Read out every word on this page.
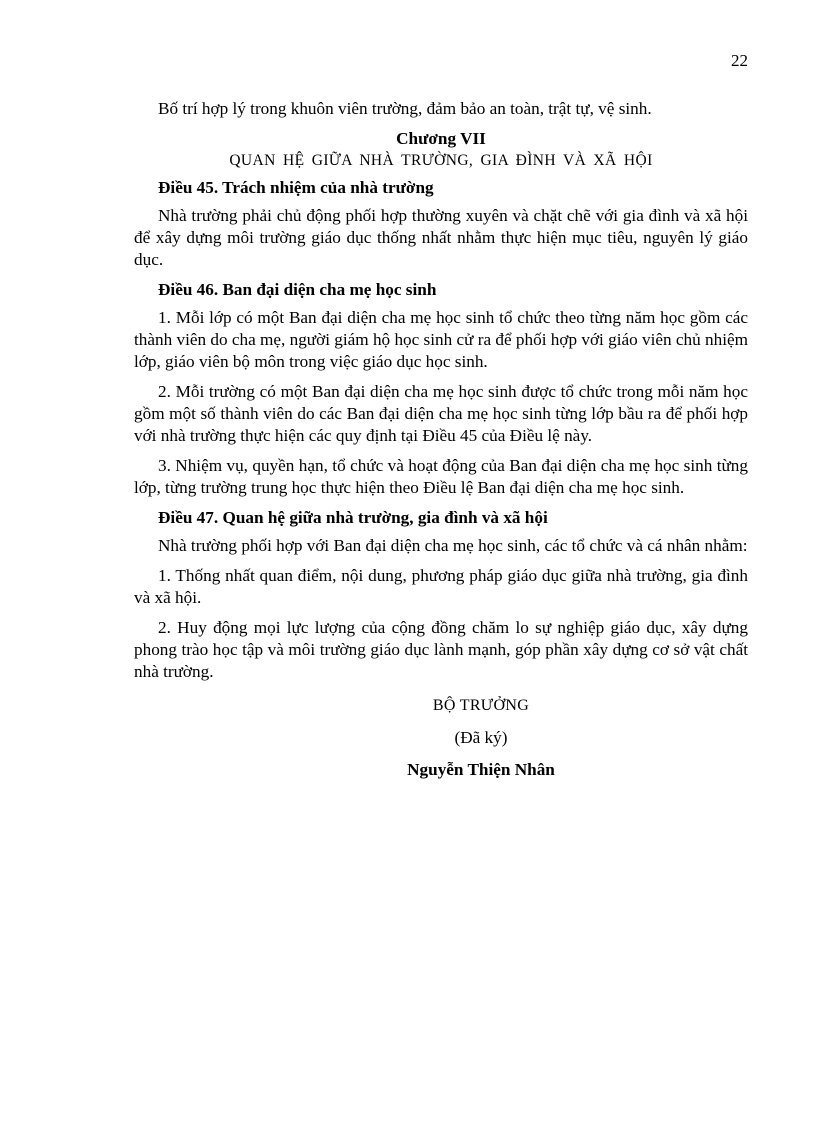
22

Bố trí hợp lý trong khuôn viên trường, đảm bảo an toàn, trật tự, vệ sinh.

Chương VII
QUAN HỆ GIỮA NHÀ TRƯỜNG, GIA ĐÌNH VÀ XÃ HỘI
Điều 45. Trách nhiệm của nhà trường

Nhà trường phải chủ động phối hợp thường xuyên và chặt chẽ với gia đình và xã hội để xây dựng môi trường giáo dục thống nhất nhằm thực hiện mục tiêu, nguyên lý giáo dục.

Điều 46. Ban đại diện cha mẹ học sinh

1. Mỗi lớp có một Ban đại diện cha mẹ học sinh tổ chức theo từng năm học gồm các thành viên do cha mẹ, người giám hộ học sinh cử ra để phối hợp với giáo viên chủ nhiệm lớp, giáo viên bộ môn trong việc giáo dục học sinh.

2. Mỗi trường có một Ban đại diện cha mẹ học sinh được tổ chức trong mỗi năm học gồm một số thành viên do các Ban đại diện cha mẹ học sinh từng lớp bầu ra để phối hợp với nhà trường thực hiện các quy định tại Điều 45 của Điều lệ này.

3. Nhiệm vụ, quyền hạn, tổ chức và hoạt động của Ban đại diện cha mẹ học sinh từng lớp, từng trường trung học thực hiện theo Điều lệ Ban đại diện cha mẹ học sinh.

Điều 47. Quan hệ giữa nhà trường, gia đình và xã hội

Nhà trường phối hợp với Ban đại diện cha mẹ học sinh, các tổ chức và cá nhân nhằm:

1. Thống nhất quan điểm, nội dung, phương pháp giáo dục giữa nhà trường, gia đình và xã hội.

2. Huy động mọi lực lượng của cộng đồng chăm lo sự nghiệp giáo dục, xây dựng phong trào học tập và môi trường giáo dục lành mạnh, góp phần xây dựng cơ sở vật chất nhà trường.

BỘ TRƯỞNG
(Đã ký)
Nguyễn Thiện Nhân
